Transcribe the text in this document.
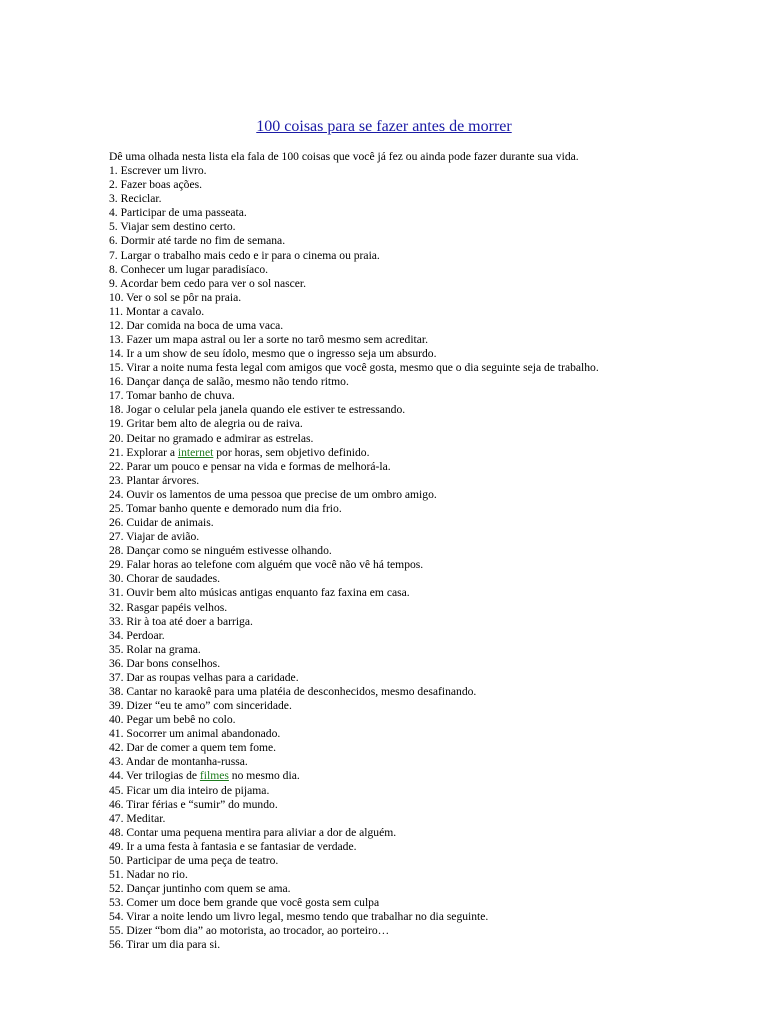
100 coisas para se fazer antes de morrer
Dê uma olhada nesta lista ela fala de 100 coisas que você já fez ou ainda pode fazer durante sua vida.
1. Escrever um livro.
2. Fazer boas ações.
3. Reciclar.
4. Participar de uma passeata.
5. Viajar sem destino certo.
6. Dormir até tarde no fim de semana.
7. Largar o trabalho mais cedo e ir para o cinema ou praia.
8. Conhecer um lugar paradisíaco.
9. Acordar bem cedo para ver o sol nascer.
10. Ver o sol se pôr na praia.
11. Montar a cavalo.
12. Dar comida na boca de uma vaca.
13. Fazer um mapa astral ou ler a sorte no tarô mesmo sem acreditar.
14. Ir a um show de seu ídolo, mesmo que o ingresso seja um absurdo.
15. Virar a noite numa festa legal com amigos que você gosta, mesmo que o dia seguinte seja de trabalho.
16. Dançar dança de salão, mesmo não tendo ritmo.
17. Tomar banho de chuva.
18. Jogar o celular pela janela quando ele estiver te estressando.
19. Gritar bem alto de alegria ou de raiva.
20. Deitar no gramado e admirar as estrelas.
21. Explorar a internet por horas, sem objetivo definido.
22. Parar um pouco e pensar na vida e formas de melhorá-la.
23. Plantar árvores.
24. Ouvir os lamentos de uma pessoa que precise de um ombro amigo.
25. Tomar banho quente e demorado num dia frio.
26. Cuidar de animais.
27. Viajar de avião.
28. Dançar como se ninguém estivesse olhando.
29. Falar horas ao telefone com alguém que você não vê há tempos.
30. Chorar de saudades.
31. Ouvir bem alto músicas antigas enquanto faz faxina em casa.
32. Rasgar papéis velhos.
33. Rir à toa até doer a barriga.
34. Perdoar.
35. Rolar na grama.
36. Dar bons conselhos.
37. Dar as roupas velhas para a caridade.
38. Cantar no karaokê para uma platéia de desconhecidos, mesmo desafinando.
39. Dizer “eu te amo” com sinceridade.
40. Pegar um bebê no colo.
41. Socorrer um animal abandonado.
42. Dar de comer a quem tem fome.
43. Andar de montanha-russa.
44. Ver trilogias de filmes no mesmo dia.
45. Ficar um dia inteiro de pijama.
46. Tirar férias e “sumir” do mundo.
47. Meditar.
48. Contar uma pequena mentira para aliviar a dor de alguém.
49. Ir a uma festa à fantasia e se fantasiar de verdade.
50. Participar de uma peça de teatro.
51. Nadar no rio.
52. Dançar juntinho com quem se ama.
53. Comer um doce bem grande que você gosta sem culpa
54. Virar a noite lendo um livro legal, mesmo tendo que trabalhar no dia seguinte.
55. Dizer “bom dia” ao motorista, ao trocador, ao porteiro…
56. Tirar um dia para si.
